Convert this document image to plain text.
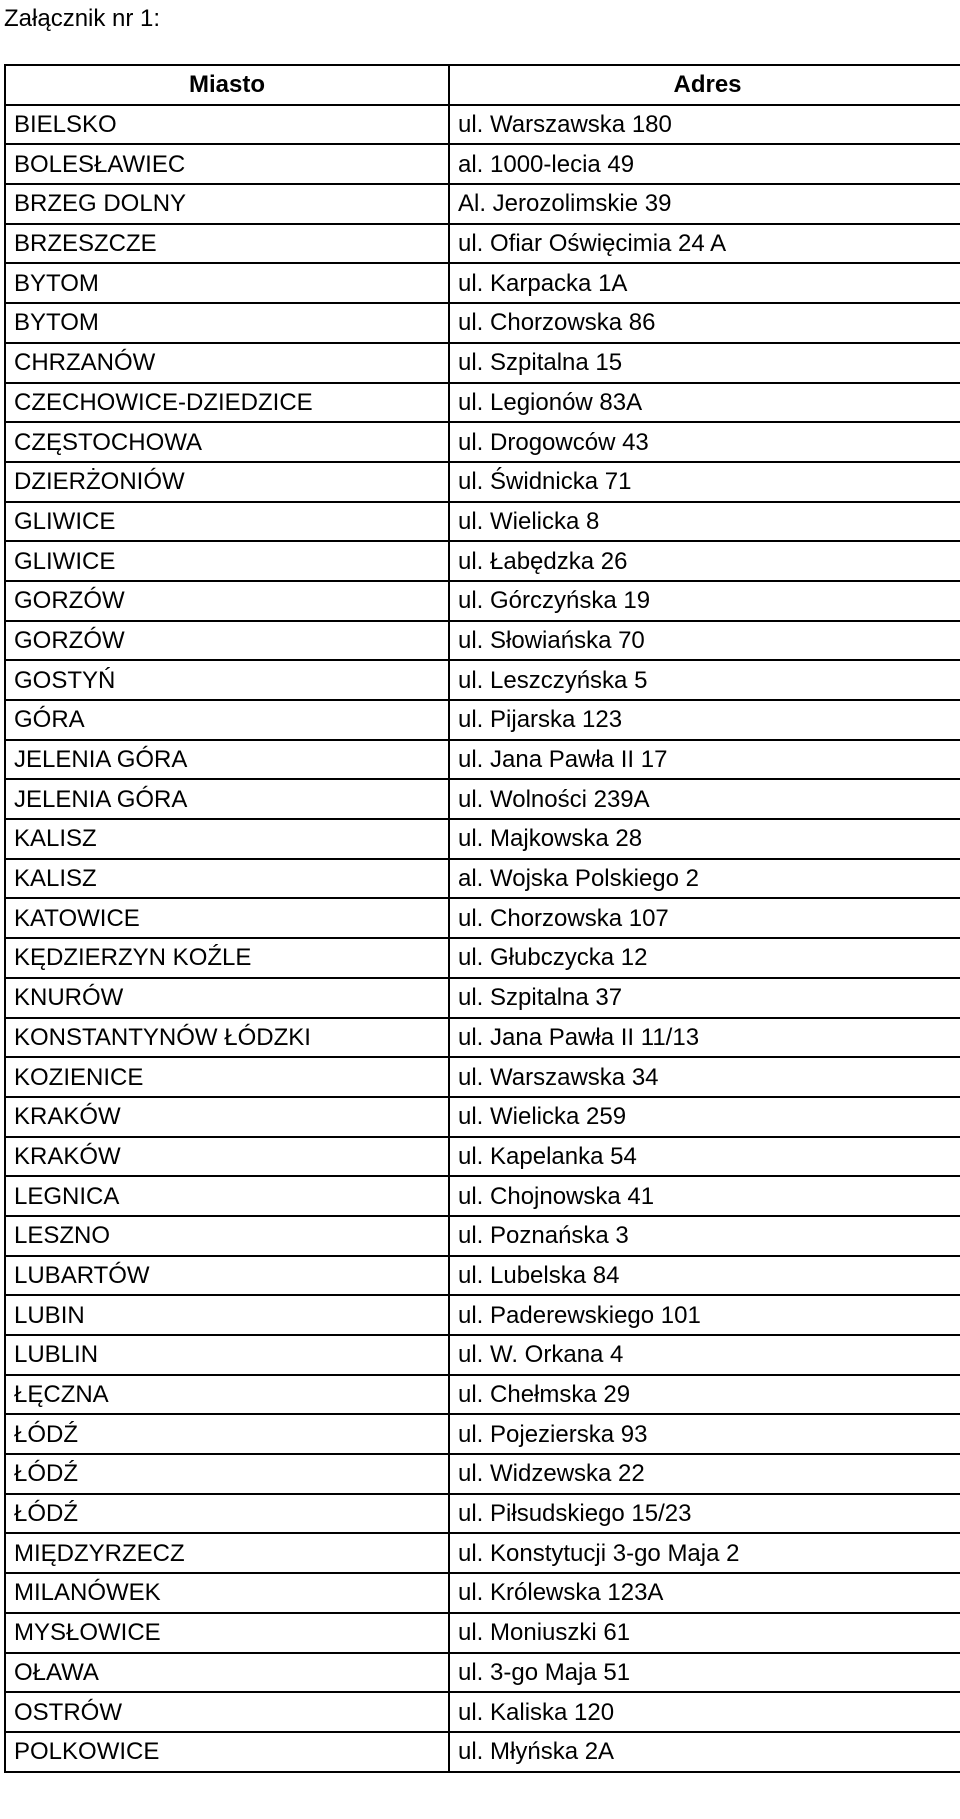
Załącznik nr 1:
Miasto	Adres
BIELSKO	ul. Warszawska 180
BOLESŁAWIEC	al. 1000-lecia 49
BRZEG DOLNY	Al. Jerozolimskie 39
BRZESZCZE	ul. Ofiar Oświęcimia 24 A
BYTOM	ul. Karpacka 1A
BYTOM	ul. Chorzowska 86
CHRZANÓW	ul. Szpitalna 15
CZECHOWICE-DZIEDZICE	ul. Legionów 83A
CZĘSTOCHOWA	ul. Drogowców 43
DZIERŻONIÓW	ul. Świdnicka 71
GLIWICE	ul. Wielicka 8
GLIWICE	ul. Łabędzka 26
GORZÓW	ul. Górczyńska 19
GORZÓW	ul. Słowiańska 70
GOSTYŃ	ul. Leszczyńska 5
GÓRA	ul. Pijarska 123
JELENIA GÓRA	ul. Jana Pawła II 17
JELENIA GÓRA	ul. Wolności 239A
KALISZ	ul. Majkowska 28
KALISZ	al. Wojska Polskiego 2
KATOWICE	ul. Chorzowska 107
KĘDZIERZYN KOŹLE	ul. Głubczycka 12
KNURÓW	ul. Szpitalna 37
KONSTANTYNÓW ŁÓDZKI	ul. Jana Pawła II 11/13
KOZIENICE	ul. Warszawska 34
KRAKÓW	ul. Wielicka 259
KRAKÓW	ul. Kapelanka 54
LEGNICA	ul. Chojnowska 41
LESZNO	ul. Poznańska 3
LUBARTÓW	ul. Lubelska 84
LUBIN	ul. Paderewskiego 101
LUBLIN	ul. W. Orkana 4
ŁĘCZNA	ul. Chełmska 29
ŁÓDŹ	ul. Pojezierska 93
ŁÓDŹ	ul. Widzewska 22
ŁÓDŹ	ul. Piłsudskiego 15/23
MIĘDZYRZECZ	ul. Konstytucji 3-go Maja 2
MILANÓWEK	ul. Królewska 123A
MYSŁOWICE	ul. Moniuszki 61
OŁAWA	ul. 3-go Maja 51
OSTRÓW	ul. Kaliska 120
POLKOWICE	ul. Młyńska 2A
